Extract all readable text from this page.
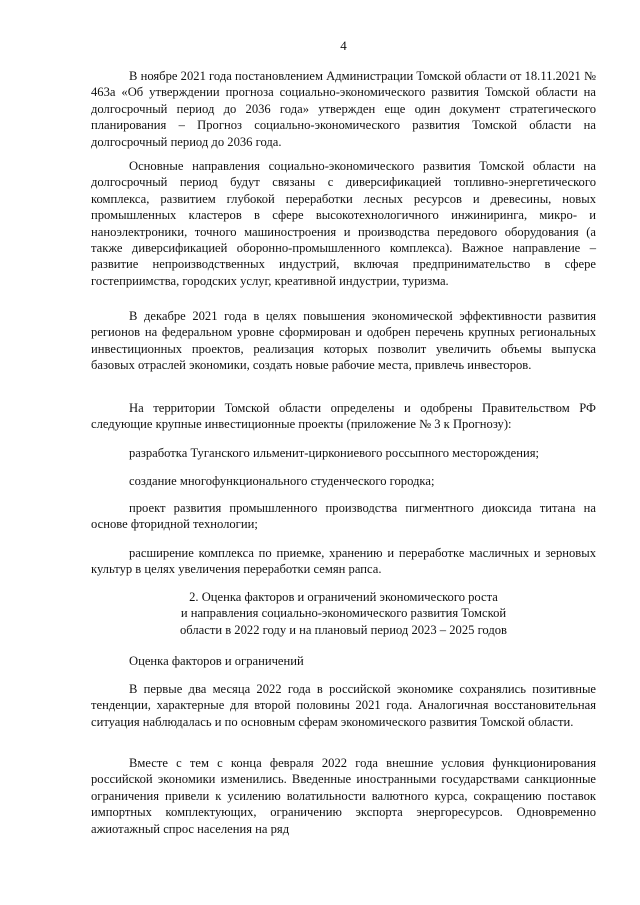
4

В ноябре 2021 года постановлением Администрации Томской области от 18.11.2021 № 463а «Об утверждении прогноза социально-экономического развития Томской области на долгосрочный период до 2036 года» утвержден еще один документ стратегического планирования – Прогноз социально-экономического развития Томской области на долгосрочный период до 2036 года.

Основные направления социально-экономического развития Томской области на долгосрочный период будут связаны с диверсификацией топливно-энергетического комплекса, развитием глубокой переработки лесных ресурсов и древесины, новых промышленных кластеров в сфере высокотехнологичного инжиниринга, микро- и наноэлектроники, точного машиностроения и производства передового оборудования (а также диверсификацией оборонно-промышленного комплекса). Важное направление – развитие непроизводственных индустрий, включая предпринимательство в сфере гостеприимства, городских услуг, креативной индустрии, туризма.

В декабре 2021 года в целях повышения экономической эффективности развития регионов на федеральном уровне сформирован и одобрен перечень крупных региональных инвестиционных проектов, реализация которых позволит увеличить объемы выпуска базовых отраслей экономики, создать новые рабочие места, привлечь инвесторов.

На территории Томской области определены и одобрены Правительством РФ следующие крупные инвестиционные проекты (приложение № 3 к Прогнозу):

разработка Туганского ильменит-циркониевого россыпного месторождения;

создание многофункционального студенческого городка;

проект развития промышленного производства пигментного диоксида титана на основе фторидной технологии;

расширение комплекса по приемке, хранению и переработке масличных и зерновых культур в целях увеличения переработки семян рапса.

2. Оценка факторов и ограничений экономического роста
и направления социально-экономического развития Томской
области в 2022 году и на плановый период 2023 – 2025 годов

Оценка факторов и ограничений

В первые два месяца 2022 года в российской экономике сохранялись позитивные тенденции, характерные для второй половины 2021 года. Аналогичная восстановительная ситуация наблюдалась и по основным сферам экономического развития Томской области.

Вместе с тем с конца февраля 2022 года внешние условия функционирования российской экономики изменились. Введенные иностранными государствами санкционные ограничения привели к усилению волатильности валютного курса, сокращению поставок импортных комплектующих, ограничению экспорта энергоресурсов. Одновременно ажиотажный спрос населения на ряд
